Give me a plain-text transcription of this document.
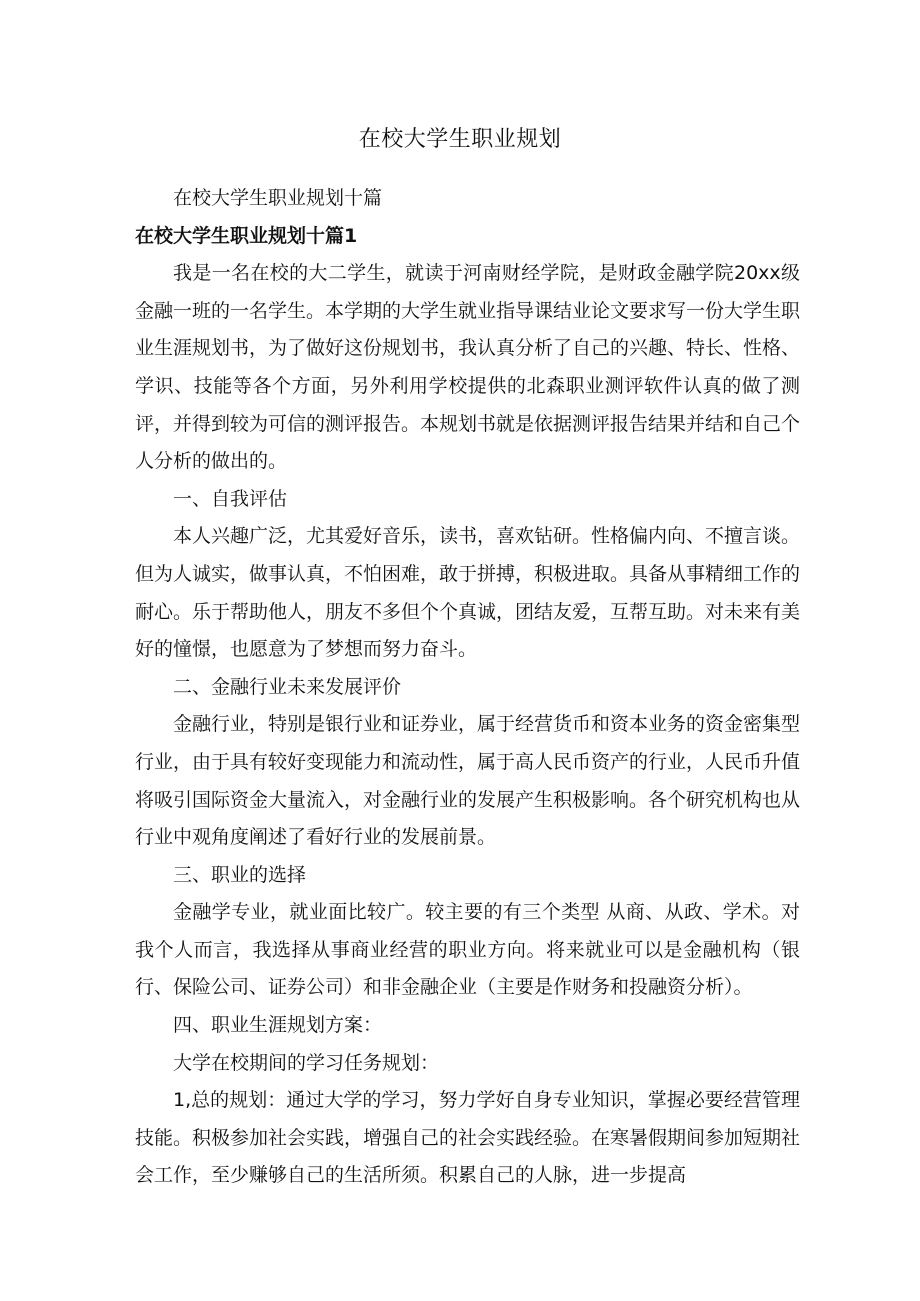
在校大学生职业规划

在校大学生职业规划十篇

在校大学生职业规划十篇1

我是一名在校的大二学生，就读于河南财经学院，是财政金融学院20xx级金融一班的一名学生。本学期的大学生就业指导课结业论文要求写一份大学生职业生涯规划书，为了做好这份规划书，我认真分析了自己的兴趣、特长、性格、学识、技能等各个方面，另外利用学校提供的北森职业测评软件认真的做了测评，并得到较为可信的测评报告。本规划书就是依据测评报告结果并结和自己个人分析的做出的。

一、自我评估

本人兴趣广泛，尤其爱好音乐，读书，喜欢钻研。性格偏内向、不擅言谈。但为人诚实，做事认真，不怕困难，敢于拼搏，积极进取。具备从事精细工作的耐心。乐于帮助他人，朋友不多但个个真诚，团结友爱，互帮互助。对未来有美好的憧憬，也愿意为了梦想而努力奋斗。

二、金融行业未来发展评价

金融行业，特别是银行业和证券业，属于经营货币和资本业务的资金密集型行业，由于具有较好变现能力和流动性，属于高人民币资产的行业，人民币升值将吸引国际资金大量流入，对金融行业的发展产生积极影响。各个研究机构也从行业中观角度阐述了看好行业的发展前景。

三、职业的选择

金融学专业，就业面比较广。较主要的有三个类型 从商、从政、学术。对我个人而言，我选择从事商业经营的职业方向。将来就业可以是金融机构（银行、保险公司、证券公司）和非金融企业（主要是作财务和投融资分析）。

四、职业生涯规划方案：

大学在校期间的学习任务规划：

1,总的规划：通过大学的学习，努力学好自身专业知识，掌握必要经营管理技能。积极参加社会实践，增强自己的社会实践经验。在寒暑假期间参加短期社会工作，至少赚够自己的生活所须。积累自己的人脉，进一步提高
